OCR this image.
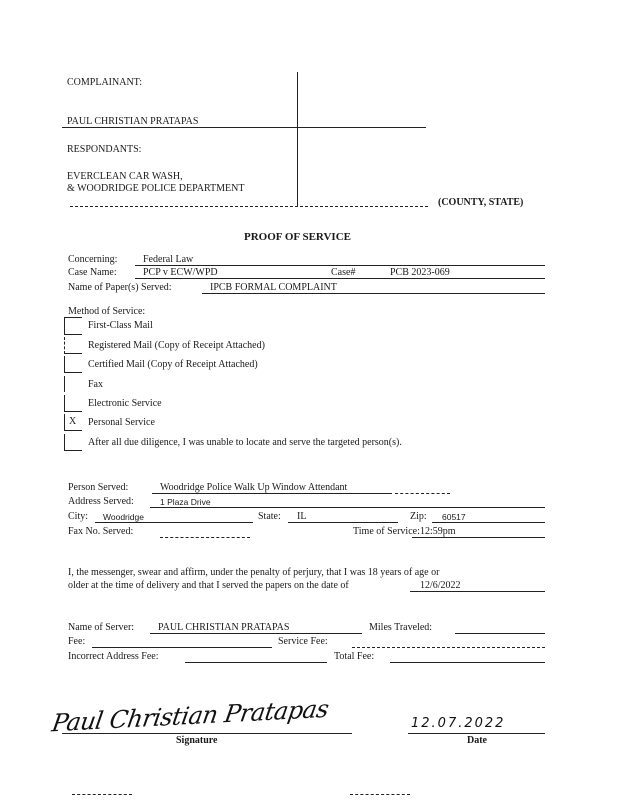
COMPLAINANT:
PAUL CHRISTIAN PRATAPAS
RESPONDANTS:
EVERCLEAN CAR WASH,
& WOODRIDGE POLICE DEPARTMENT
(COUNTY, STATE)
PROOF OF SERVICE
Concerning:	Federal Law
Case Name:	PCP v ECW/WPD	Case#	PCB 2023-069
Name of Paper(s) Served:	IPCB FORMAL COMPLAINT
Method of Service:
First-Class Mail
Registered Mail (Copy of Receipt Attached)
Certified Mail (Copy of Receipt Attached)
Fax
Electronic Service
X Personal Service
After all due diligence, I was unable to locate and serve the targeted person(s).
Person Served:	Woodridge Police Walk Up Window Attendant
Address Served:	1 Plaza Drive
City: Woodridge	State: IL	Zip: 60517
Fax No. Served:	Time of Service: 12:59pm
I, the messenger, swear and affirm, under the penalty of perjury, that I was 18 years of age or
older at the time of delivery and that I served the papers on the date of	12/6/2022
Name of Server: PAUL CHRISTIAN PRATAPAS	Miles Traveled:
Fee:	Service Fee:
Incorrect Address Fee:	Total Fee:
Paul Christian Pratapas
Signature
12.07.2022
Date
